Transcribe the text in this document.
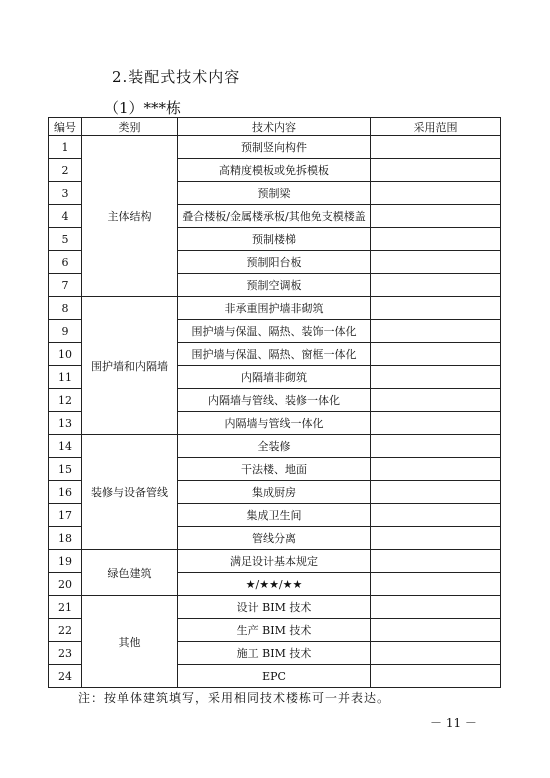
2.装配式技术内容
（1）***栋
编号	类别	技术内容	采用范围
1	主体结构	预制竖向构件	
2		高精度模板或免拆模板	
3		预制梁	
4		叠合楼板/金属楼承板/其他免支模楼盖	
5		预制楼梯	
6		预制阳台板	
7		预制空调板	
8	围护墙和内隔墙	非承重围护墙非砌筑	
9		围护墙与保温、隔热、装饰一体化	
10		围护墙与保温、隔热、窗框一体化	
11		内隔墙非砌筑	
12		内隔墙与管线、装修一体化	
13		内隔墙与管线一体化	
14	装修与设备管线	全装修	
15		干法楼、地面	
16		集成厨房	
17		集成卫生间	
18		管线分离	
19	绿色建筑	满足设计基本规定	
20		★/★★/★★	
21	其他	设计 BIM 技术	
22		生产 BIM 技术	
23		施工 BIM 技术	
24		EPC	
注：按单体建筑填写，采用相同技术楼栋可一并表达。
－ 11 －
